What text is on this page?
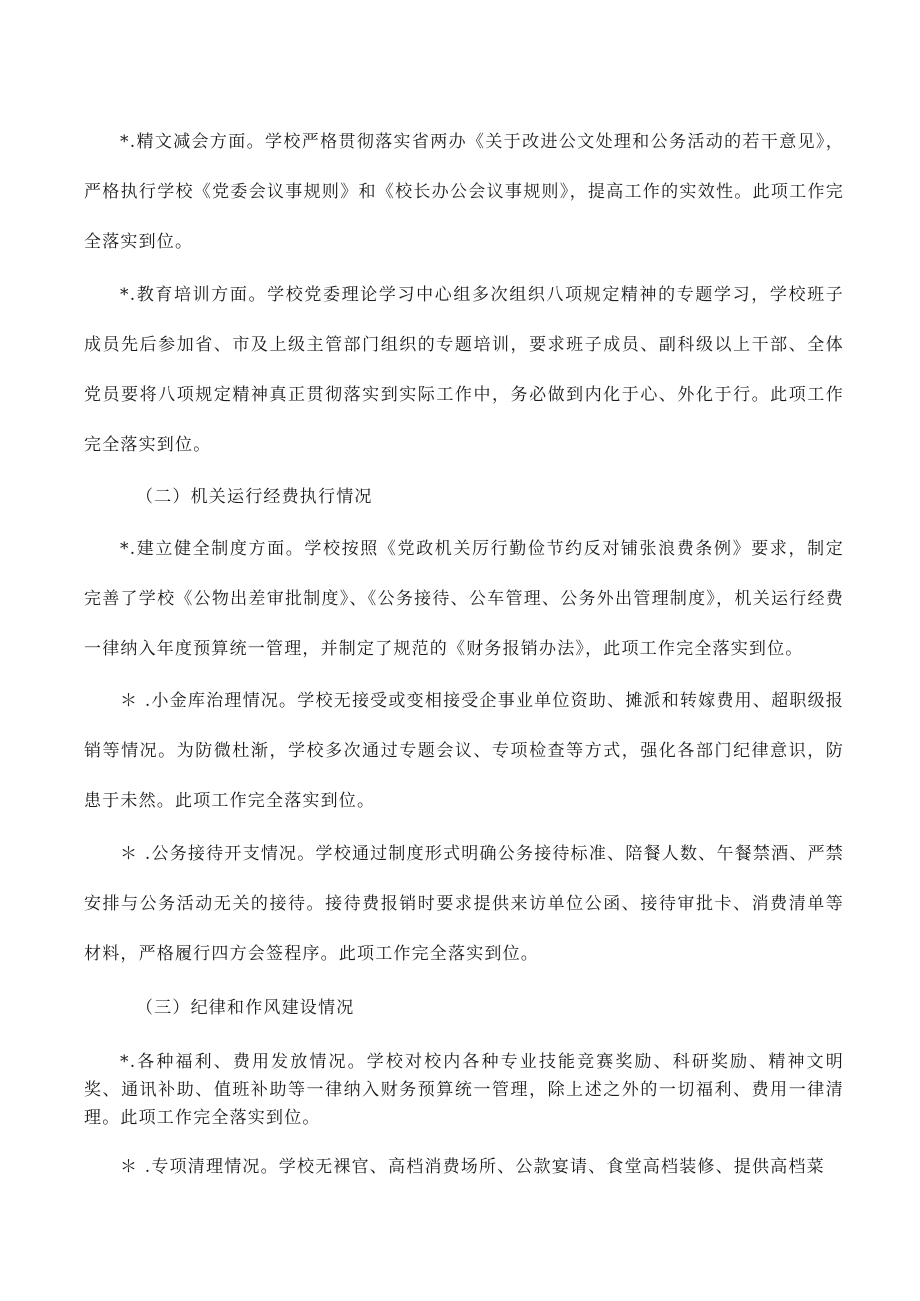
*.精文减会方面。学校严格贯彻落实省两办《关于改进公文处理和公务活动的若干意见》，严格执行学校《党委会议事规则》和《校长办公会议事规则》，提高工作的实效性。此项工作完全落实到位。

*.教育培训方面。学校党委理论学习中心组多次组织八项规定精神的专题学习，学校班子成员先后参加省、市及上级主管部门组织的专题培训，要求班子成员、副科级以上干部、全体党员要将八项规定精神真正贯彻落实到实际工作中，务必做到内化于心、外化于行。此项工作完全落实到位。

（二）机关运行经费执行情况

*.建立健全制度方面。学校按照《党政机关厉行勤俭节约反对铺张浪费条例》要求，制定完善了学校《公物出差审批制度》、《公务接待、公车管理、公务外出管理制度》，机关运行经费一律纳入年度预算统一管理，并制定了规范的《财务报销办法》，此项工作完全落实到位。

＊ .小金库治理情况。学校无接受或变相接受企事业单位资助、摊派和转嫁费用、超职级报销等情况。为防微杜渐，学校多次通过专题会议、专项检查等方式，强化各部门纪律意识，防患于未然。此项工作完全落实到位。

＊ .公务接待开支情况。学校通过制度形式明确公务接待标准、陪餐人数、午餐禁酒、严禁安排与公务活动无关的接待。接待费报销时要求提供来访单位公函、接待审批卡、消费清单等材料，严格履行四方会签程序。此项工作完全落实到位。

（三）纪律和作风建设情况

*.各种福利、费用发放情况。学校对校内各种专业技能竞赛奖励、科研奖励、精神文明奖、通讯补助、值班补助等一律纳入财务预算统一管理，除上述之外的一切福利、费用一律清理。此项工作完全落实到位。

＊ .专项清理情况。学校无裸官、高档消费场所、公款宴请、食堂高档装修、提供高档菜
